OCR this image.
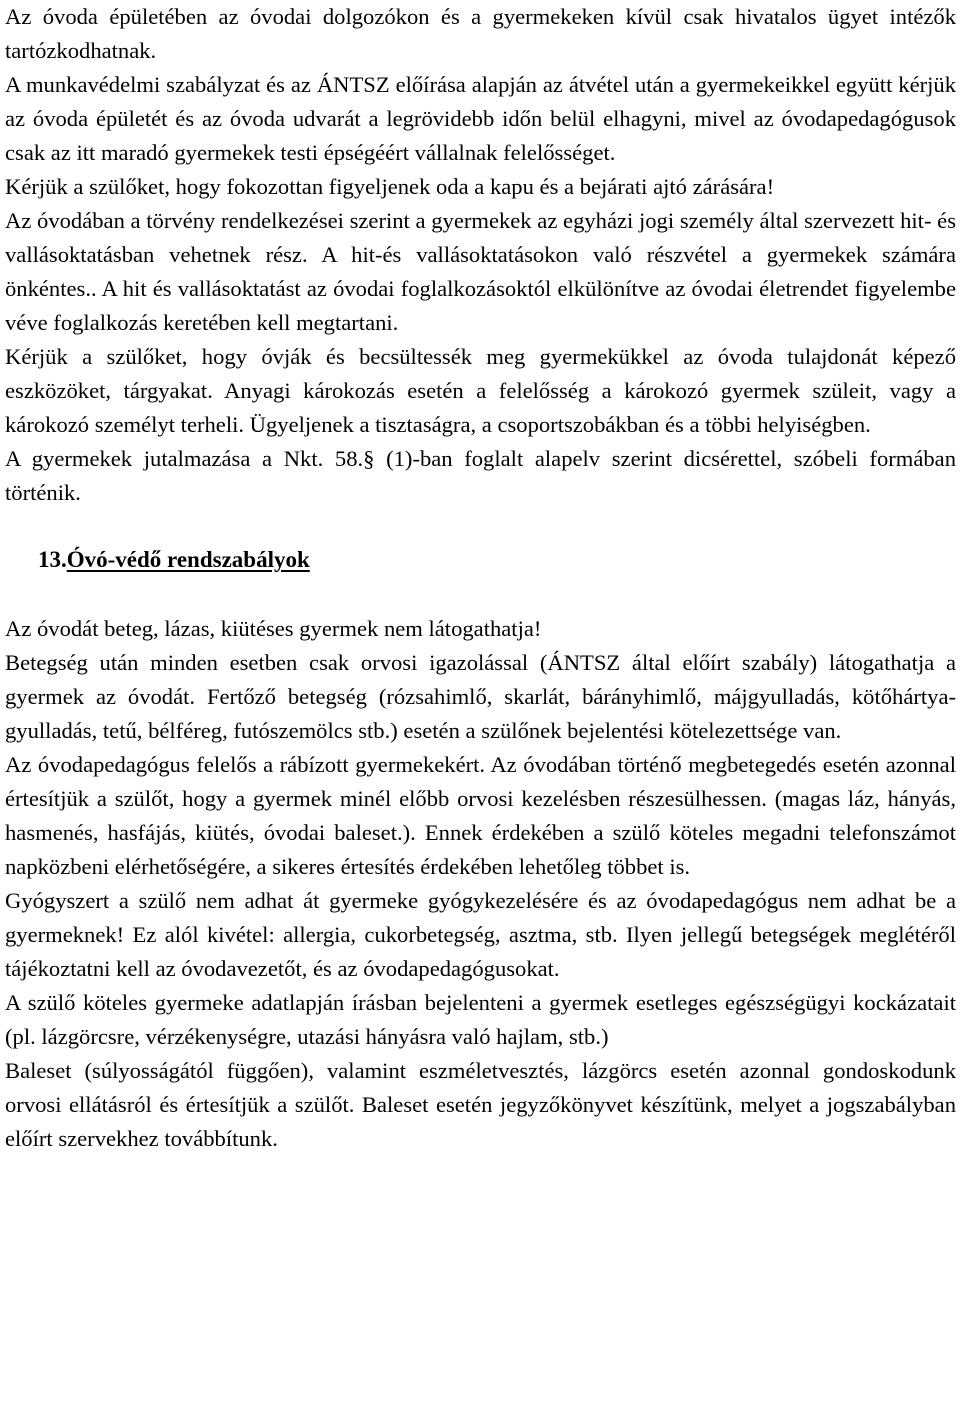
Az óvoda épületében az óvodai dolgozókon és a gyermekeken kívül csak hivatalos ügyet intézők tartózkodhatnak.

A munkavédelmi szabályzat és az ÁNTSZ előírása alapján az átvétel után a gyermekeikkel együtt kérjük az óvoda épületét és az óvoda udvarát a legrövidebb időn belül elhagyni, mivel az óvodapedagógusok csak az itt maradó gyermekek testi épségéért vállalnak felelősséget.

Kérjük a szülőket, hogy fokozottan figyeljenek oda a kapu és a bejárati ajtó zárására!

Az óvodában a törvény rendelkezései szerint a gyermekek az egyházi jogi személy által szervezett hit- és vallásoktatásban vehetnek rész. A hit-és vallásoktatásokon való részvétel a gyermekek számára önkéntes.. A hit és vallásoktatást az óvodai foglalkozásoktól elkülönítve az óvodai életrendet figyelembe véve foglalkozás keretében kell megtartani.

Kérjük a szülőket, hogy óvják és becsültessék meg gyermekükkel az óvoda tulajdonát képező eszközöket, tárgyakat. Anyagi károkozás esetén a felelősség a károkozó gyermek szüleit, vagy a károkozó személyt terheli. Ügyeljenek a tisztaságra, a csoportszobákban és a többi helyiségben.

A gyermekek jutalmazása a Nkt. 58.§ (1)-ban foglalt alapelv szerint dicsérettel, szóbeli formában történik.

13.Óvó-védő rendszabályok

Az óvodát beteg, lázas, kiütéses gyermek nem látogathatja!

Betegség után minden esetben csak orvosi igazolással (ÁNTSZ által előírt szabály) látogathatja a gyermek az óvodát. Fertőző betegség (rózsahimlő, skarlát, bárányhimlő, májgyulladás, kötőhártya-gyulladás, tetű, bélféreg, futószemölcs stb.) esetén a szülőnek bejelentési kötelezettsége van.

Az óvodapedagógus felelős a rábízott gyermekekért. Az óvodában történő megbetegedés esetén azonnal értesítjük a szülőt, hogy a gyermek minél előbb orvosi kezelésben részesülhessen. (magas láz, hányás, hasmenés, hasfájás, kiütés, óvodai baleset.). Ennek érdekében a szülő köteles megadni telefonszámot napközbeni elérhetőségére, a sikeres értesítés érdekében lehetőleg többet is.

Gyógyszert a szülő nem adhat át gyermeke gyógykezelésére és az óvodapedagógus nem adhat be a gyermeknek! Ez alól kivétel: allergia, cukorbetegség, asztma, stb. Ilyen jellegű betegségek meglétéről tájékoztatni kell az óvodavezetőt, és az óvodapedagógusokat.

A szülő köteles gyermeke adatlapján írásban bejelenteni a gyermek esetleges egészségügyi kockázatait (pl. lázgörcsre, vérzékenységre, utazási hányásra való hajlam, stb.)

Baleset (súlyosságától függően), valamint eszméletvesztés, lázgörcs esetén azonnal gondoskodunk orvosi ellátásról és értesítjük a szülőt. Baleset esetén jegyzőkönyvet készítünk, melyet a jogszabályban előírt szervekhez továbbítunk.
